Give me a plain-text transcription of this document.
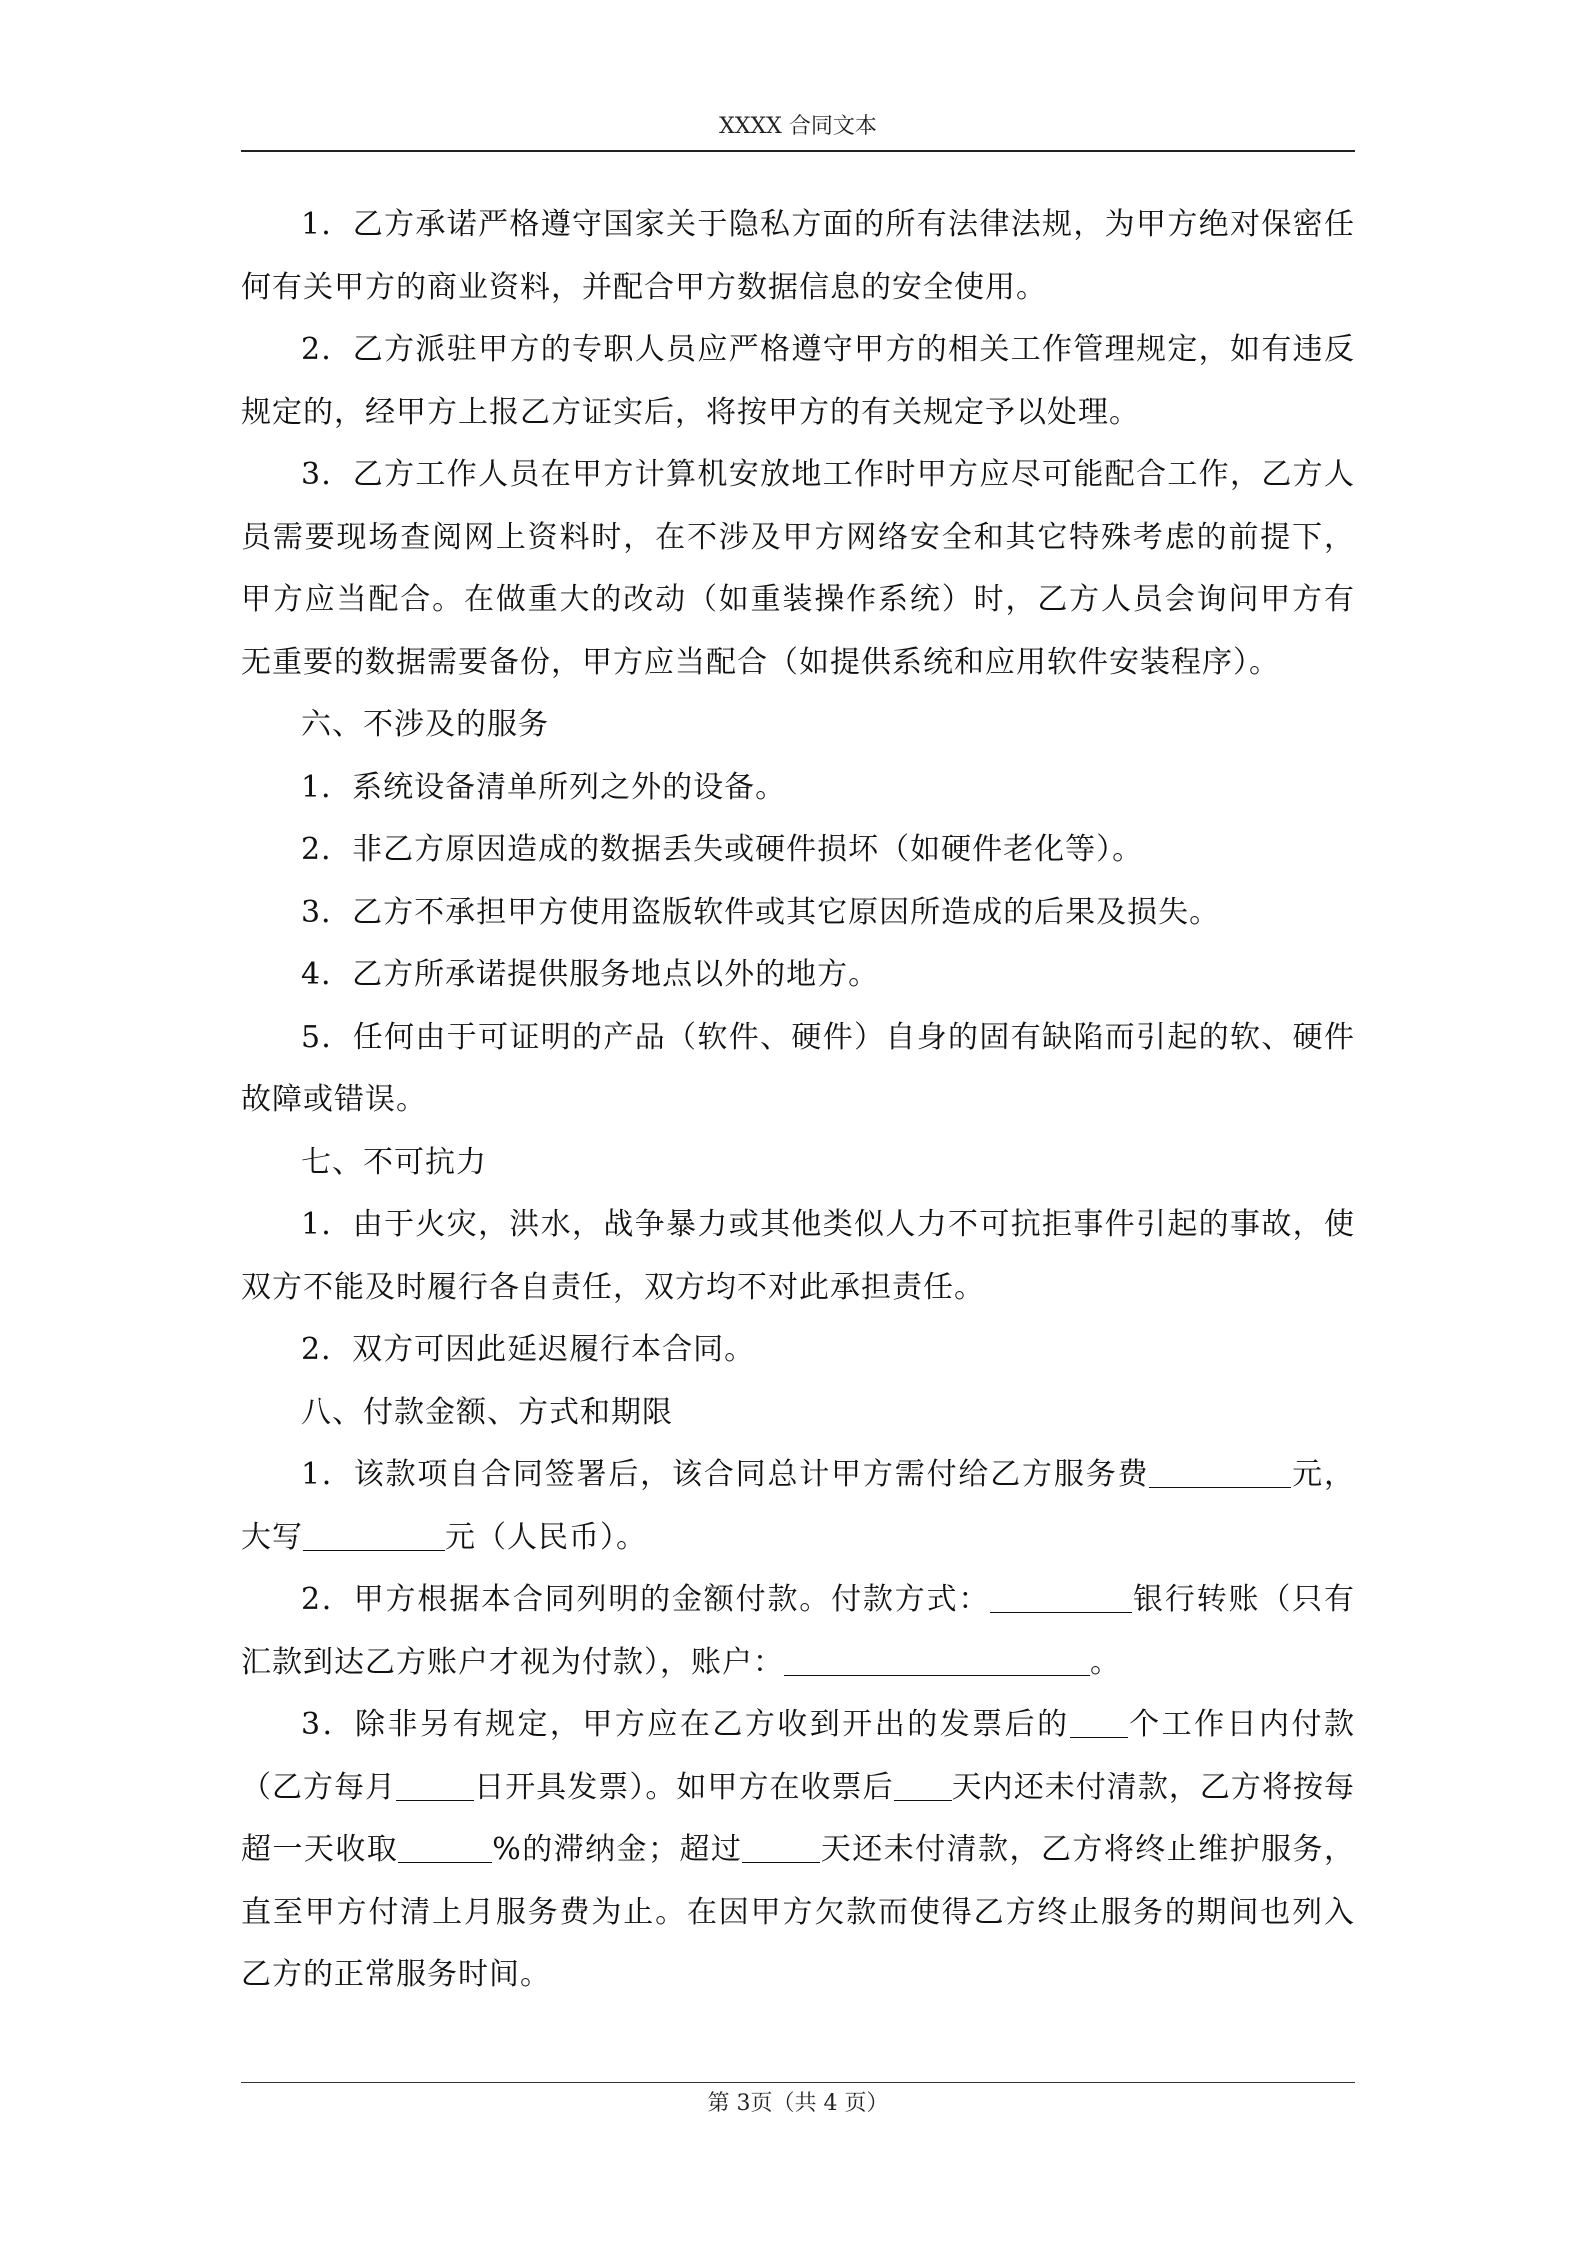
XXXX 合同文本

1．乙方承诺严格遵守国家关于隐私方面的所有法律法规，为甲方绝对保密任何有关甲方的商业资料，并配合甲方数据信息的安全使用。

2．乙方派驻甲方的专职人员应严格遵守甲方的相关工作管理规定，如有违反规定的，经甲方上报乙方证实后，将按甲方的有关规定予以处理。

3．乙方工作人员在甲方计算机安放地工作时甲方应尽可能配合工作，乙方人员需要现场查阅网上资料时，在不涉及甲方网络安全和其它特殊考虑的前提下，甲方应当配合。在做重大的改动（如重装操作系统）时，乙方人员会询问甲方有无重要的数据需要备份，甲方应当配合（如提供系统和应用软件安装程序）。

六、不涉及的服务

1．系统设备清单所列之外的设备。

2．非乙方原因造成的数据丢失或硬件损坏（如硬件老化等）。

3．乙方不承担甲方使用盗版软件或其它原因所造成的后果及损失。

4．乙方所承诺提供服务地点以外的地方。

5．任何由于可证明的产品（软件、硬件）自身的固有缺陷而引起的软、硬件故障或错误。

七、不可抗力

1．由于火灾，洪水，战争暴力或其他类似人力不可抗拒事件引起的事故，使双方不能及时履行各自责任，双方均不对此承担责任。

2．双方可因此延迟履行本合同。

八、付款金额、方式和期限

1．该款项自合同签署后，该合同总计甲方需付给乙方服务费	元，大写	元（人民币）。

2．甲方根据本合同列明的金额付款。付款方式：	银行转账（只有汇款到达乙方账户才视为付款），账户：	。

3．除非另有规定，甲方应在乙方收到开出的发票后的 个工作日内付款（乙方每月	日开具发票）。如甲方在收票后 天内还未付清款，乙方将按每超一天收取	%的滞纳金；超过	天还未付清款，乙方将终止维护服务，直至甲方付清上月服务费为止。在因甲方欠款而使得乙方终止服务的期间也列入乙方的正常服务时间。

第 3页（共 4 页）
